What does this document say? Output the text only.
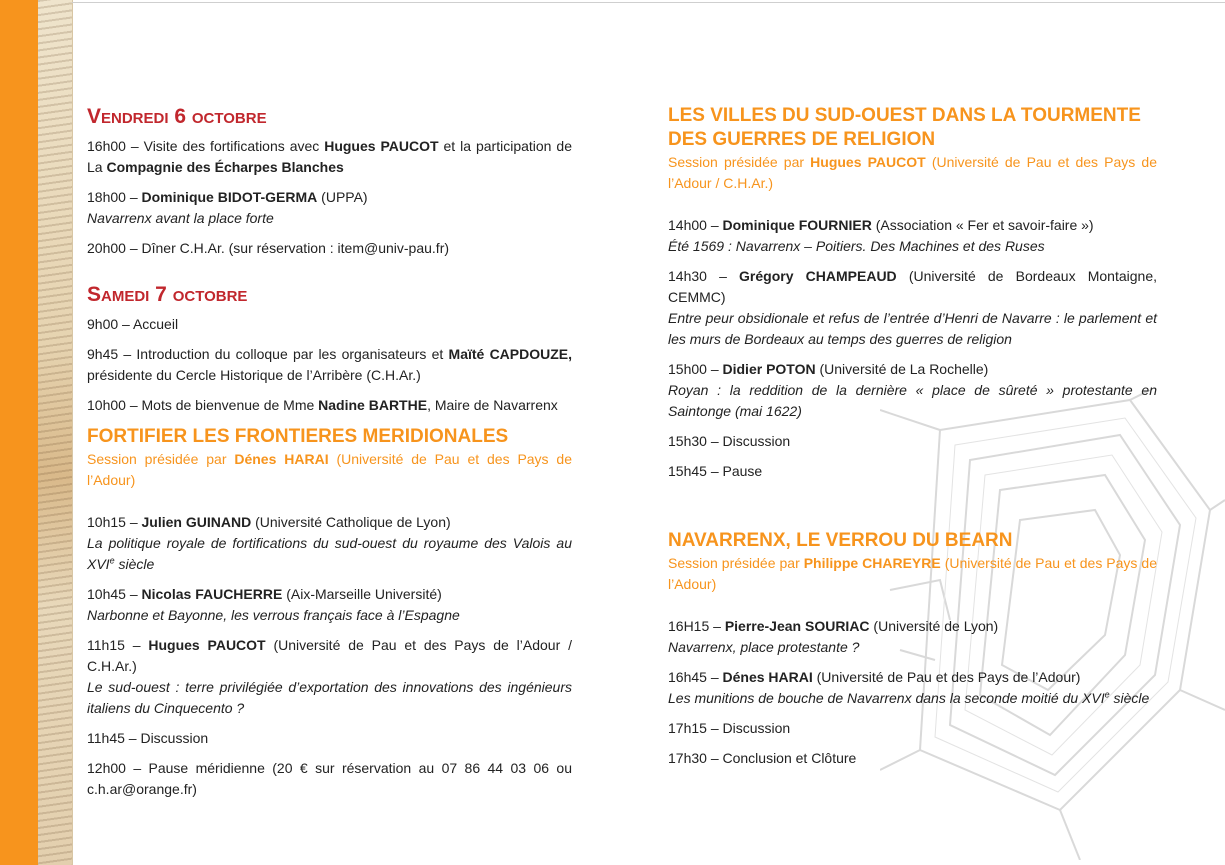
Vendredi 6 octobre

16h00 – Visite des fortifications avec Hugues PAUCOT et la participation de La Compagnie des Écharpes Blanches

18h00 – Dominique BIDOT-GERMA (UPPA)
Navarrenx avant la place forte

20h00 – Dîner C.H.Ar. (sur réservation : item@univ-pau.fr)

Samedi 7 octobre

9h00 – Accueil

9h45 – Introduction du colloque par les organisateurs et Maïté CAPDOUZE, présidente du Cercle Historique de l’Arribère (C.H.Ar.)

10h00 – Mots de bienvenue de Mme Nadine BARTHE, Maire de Navarrenx

FORTIFIER LES FRONTIERES MERIDIONALES

Session présidée par Dénes HARAI (Université de Pau et des Pays de l’Adour)

10h15 – Julien GUINAND (Université Catholique de Lyon)
La politique royale de fortifications du sud-ouest du royaume des Valois au XVIe siècle

10h45 – Nicolas FAUCHERRE (Aix-Marseille Université)
Narbonne et Bayonne, les verrous français face à l’Espagne

11h15 – Hugues PAUCOT (Université de Pau et des Pays de l’Adour / C.H.Ar.)
Le sud-ouest : terre privilégiée d’exportation des innovations des ingénieurs italiens du Cinquecento ?

11h45 – Discussion

12h00 – Pause méridienne (20 € sur réservation au 07 86 44 03 06 ou c.h.ar@orange.fr)

LES VILLES DU SUD-OUEST DANS LA TOURMENTE DES GUERRES DE RELIGION

Session présidée par Hugues PAUCOT (Université de Pau et des Pays de l’Adour / C.H.Ar.)

14h00 – Dominique FOURNIER (Association « Fer et savoir-faire »)
Été 1569 : Navarrenx – Poitiers. Des Machines et des Ruses

14h30 – Grégory CHAMPEAUD (Université de Bordeaux Montaigne, CEMMC)
Entre peur obsidionale et refus de l’entrée d’Henri de Navarre : le parlement et les murs de Bordeaux au temps des guerres de religion

15h00 – Didier POTON (Université de La Rochelle)
Royan : la reddition de la dernière « place de sûreté » protestante en Saintonge (mai 1622)

15h30 – Discussion

15h45 – Pause

NAVARRENX, LE VERROU DU BEARN

Session présidée par Philippe CHAREYRE (Université de Pau et des Pays de l’Adour)

16H15 – Pierre-Jean SOURIAC (Université de Lyon)
Navarrenx, place protestante ?

16h45 – Dénes HARAI (Université de Pau et des Pays de l’Adour)
Les munitions de bouche de Navarrenx dans la seconde moitié du XVIe siècle

17h15 – Discussion

17h30 – Conclusion et Clôture
